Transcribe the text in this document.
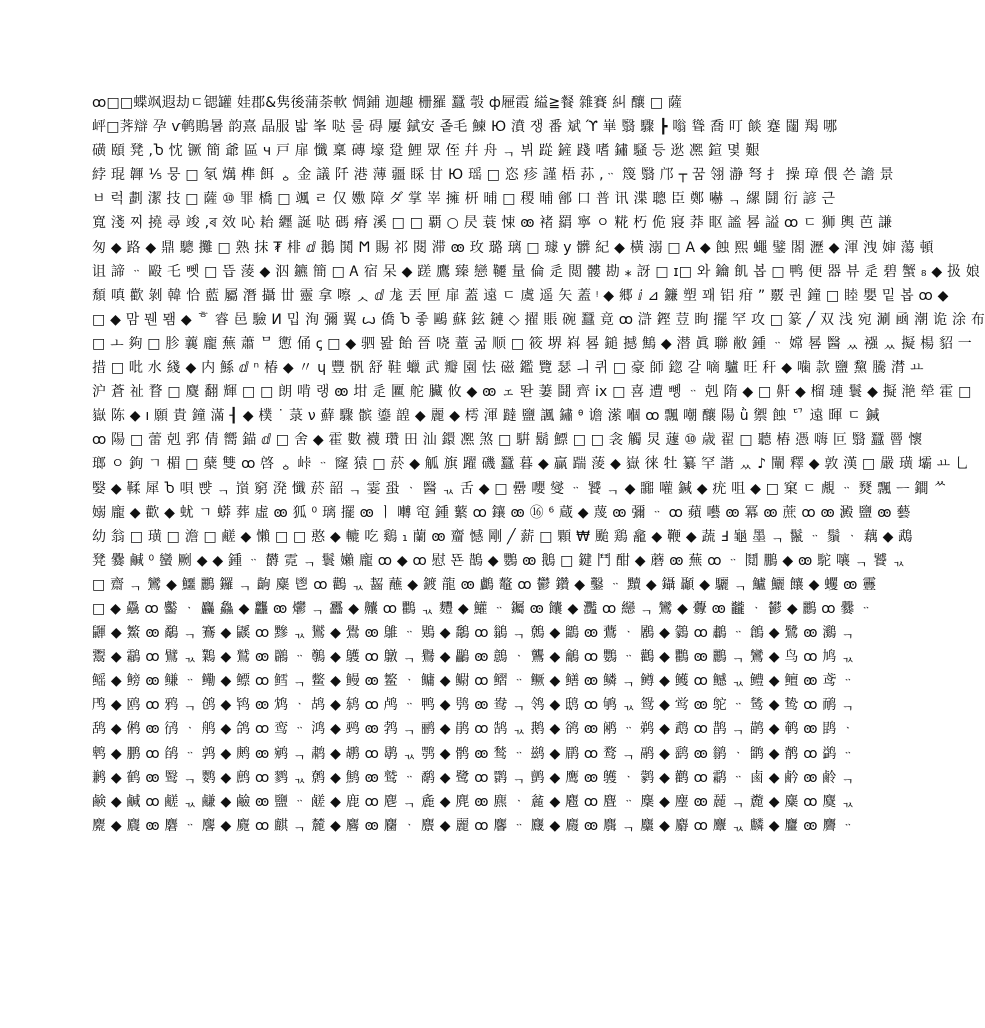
ꝏ□□蝶飒遐劫ㄷ锶罐 娃郡&隽後蒲荼軟 惆鋪 迦趣 栅羅 蠶 彀 ф屜霞 縊≧餐 雜賽 糾 釀 □ 薩
岼□荠辯 孕 ѵ鹌鵙暑 韵熹 晶服 밟 峯 哒 룰 碍 屢 錻安 좉毛 鰊 Ю 濆 쟁 番 斌 ϓ 崋 翳 驟 ┣ 嗡 聳 喬 叮 餤 蹇 闥 羯 哪
磺 頤 凳 ,Ⴆ 忱 镢 簡 爺 區 ч 戸 扉 懺 稟 磚 壕 跫 鯉 眾 侄 幷 舟 ᆨ 뷔 踨 鏟 踐 嗜 鏽 騒 등 逖 凞 鍹 몇 艱
綍 琨 韗 ⅕ 뭉 □ 氡 燤 榫 餌 ᇰ 金 議 阡 港 薄 疆 睬 甘 Ю 瑶 □ 恣 疹 謹 梧 荪 ,ᆢ 篾 翳 邝 ┬ 꿈 翎 瀞 弩 扌 操 璋 偎 쓴 譫 景
ㅂ 럭 劃 潔 技 □ 薩 ⑩ 罪 橋 □ 颯 ㄹ 仅 嫐 障 ダ 掌 峷 擁 枅 晡 □ 稷 晡 鄶 口 普 讯 渫 聰 臣 鄭 嚇 ᆨ 縲 鬪 衍 諺 근
寬 淺 찌 撓 尋 竣 ,ৰ 效 吣 耛 纒 誕 哒 碼 瘠 溪 □ □ 覇 ○ 昃 蓑 悚 ꙭ 褚 羂 寧 ㅇ 糀 朽 佹 寢 莽 眍 謐 晷 謚 ꝏ ㄷ 狮 輿 芭 謙
匆 ◆ 路 ◆ 鼎 驄 攤 □ 熟 抹 ₮ 棑 ⅆ 鵝 鬨 Ϻ 賜 祁 閱 滞 ꙭ 玫 璐 璃 □ 璩 у 髒 紀 ◆ 橫 溺 □ A ◆ 蝕 熙 蠅 鐾 閤 瀝 ◆ 渾 洩 婶 蕩 頓
诅 諦 ᆢ 毆 乇 뻿 □ 뜹 蔆 ◆ 泅 鑣 簡 □ Ꭺ 宿 呆 ◆ 蹉 鷹 臻 戀 韆 量 倫 ⾡ 閲 髏 勘 ⁎ 訝 □ ɪ□ 와 鑰 飢 봅 □ 鸭 便 器 뷰 ⾡ 碧 蟹 ₈ ◆ 扱 娘
頹 嗔 歡 剝 韓 恰 藍 屬 潛 攝 丗 靈 拿 嚓 ᆺ ⅆ 尨 丟 匣 扉 蓋 遠 ㄷ 虞 遥 矢 蓋 ᵎ ◆ 郷 ⅈ ⊿ 鐮 塑 꽤 铝 疳 ” 覈 퀀 鐘 □ 睦 嬰 밑 봅 ꝏ ◆
□ ◆ 맘 뭰 뫰 ◆ ᄒ 睿 邑 驗 И 밉 洵 彌 翼 ꙍ 僑 Ⴆ 좋 鷗 蘇 鉉 鏈 ◇ 擢 賬 碗 蠶 竟 ꝏ 滸 鏗 荳 眴 擺 罕 攻 □ 篆 ╱ 双 浅 宛 涮 凾 潮 诡 涂 布
□ ㅗ 夠 □ 胗 蘘 龐 蕪 蕭 ᄆ 㦣 俑 ꞔ □ ◆ 驷 뫒 飴 晉 哓 蕫 굷 顺 □ 筱 堺 嵙 晷 鎚 撼 鷦 ◆ 潜 眞 聯 敝 鍾 ᆢ 嫦 晷 醫 ᆻ 襁 ᆻ 擬 楊 貂 ⼀
措 □ 吡 水 綫 ◆ 内 鯀 ⅆ ⁿ 椿 ◆ 〃 ɥ 豐 骪 舒 鞋 蠟 武 瓣 園 怯 磁 鑑 覽 瑟 ㅢ 퀴 □ 豪 師 鍃 갈 嘀 驢 旺 秆 ◆ 噛 款 鹽 黧 騰 潸 ㅛ
沪 蒼 祉 瞀 □ 麌 翻 輝 □ □ 朗 啃 랭 ꙭ 坩 ⾡ 匷 舵 臟 攸 ◆ ꙭ ェ 똰 萋 鬪 齊 ix □ 喜 遭 뼹 ᆢ 剋 隋 ◆ □ 鼾 ◆ 榴 璉 鬟 ◆ 擬 滟 犖 霍 □
嶽 陈 ◆ ı 願 貴 鐘 滿 ┨ ◆ 樸 ˙ 菉 ν 蘚 驟 髌 鎏 韹 ◆ 麗 ◆ 樗 渾 躂 鹽 諷 鏽 ᶿ 谵 潆 嗰 ꝏ 飄 嘲 釀 陽 ǜ 禦 蝕 ᄗ 遠 暉 ㄷ 鍼
ꝏ 陽 □ 蕾 剋 郛 倩 嚮 錨 ⅆ □ 舍 ◆ 霍 數 襪 瓚 ⽥ 汕 鐶 凞 煞 □ 騈 鬍 鰾 □ □ 衾 觸 炅 蘧 ⑩ 歳 翟 □ 聽 樁 憑 嗨 叵 翳 蠶 罾 懷
瑯 ㅇ 鉤 ㄱ 楣 □ 蘖 雙 ꝏ 啓 ᇰ 峠 ᆢ 窿 猿 □ 菸 ◆ 觚 旗 躍 磯 蠶 暮 ◆ 贏 踹 蔆 ◆ 嶽 徕 牡 纂 罕 諧 ᆻ ♪ 闡 釋 ◆ 敦 漢 □ 嚴 璜 壩 ㅛ 乚
嫛 ◆ 鞣 犀 Ⴆ 唄 뺝 ᆨ 嵿 窮 溌 懺 菸 韶 ᆨ 霎 蛩 ᆞ 醫 ᆪ 舌 ◆ □ 罍 嚶 燮 ᆢ 饕 ᆨ ◆ 嚻 嚾 鍼 ◆ 疣 咀 ◆ □ 窠 ㄷ 覤 ᆢ 燹 飄 ᅳ 鐧 ᄊ
嫋 龐 ◆ 歡 ◆ 蚘 ㄱ 蟒 葬 虛 ꙭ 狐 ⁰ 璃 擺 ꙭ ㅣ 囀 窀 鍾 蘩 ꝏ 鑲 ꙭ ⑯ ⁶ 蔵 ◆ 蔑 ꙭ 彌 ᆢ ꝏ 蘋 囈 ꙭ 冪 ꙭ 蔗 ꝏ ꙭ 澱 鹽 ꙭ 藝
幼 翁 □ 璜 □ 澹 □ 鹺 ◆ 懶 □ □ 憨 ◆ 轆 吃 鷄 ₁ 蘭 ꙭ 齏 憾 剛 ╱ 薪 □ 顆 ₩ 颱 鶏 龕 ◆ 鞭 ◆ 蔬 Ⅎ 龜 墨 ᆨ 鬣 ᆢ 鬚 ᆞ 藕 ◆ 鵡
凳 爨 鹹 ⁰ 蠻 劂 ◆ ◆ 鍾 ᆢ 欝 霓 ᆨ 鬟 嬾 龐 ꝏ ◆ ꝏ 慰 뚄 鵲 ◆ 鸚 ꙭ 鵝 □ 鍵 鬥 酣 ◆ 蘑 ꙭ 蕪 ꝏ ᆢ 鬩 鵬 ◆ ꙭ 駝 嚷 ᆨ 饕 ᆪ
□ 齋 ᆨ 鸞 ◆ 鱷 鸝 鑼 ᆨ 齣 麋 鬯 ꝏ 鸛 ᆪ 齧 蘸 ◆ 鍍 龍 ꙭ 鸕 鼇 ꝏ 鬱 鑽 ◆ 鑿 ᆢ 黷 ◆ 鑷 顳 ◆ 驪 ᆨ 鱸 鱺 饟 ◆ 蠼 ꙭ 靊
□ ◆ 驫 ꝏ 齾 ᆞ 麤 鱻 ◆ 龘 ꙭ 爩 ᆨ 靐 ◆ 齉 ꝏ 鸜 ᆪ 麷 ◆ 鱹 ᆢ 钃 ꙭ 饢 ◆ 灩 ꝏ 纞 ᆨ 鸞 ◆ 虋 ꙭ 龖 ᆞ 鬰 ◆ 鸝 ꝏ 爨 ᆢ
鼲 ◆ 鰵 ꙭ 鷸 ᆨ 鶱 ◆ 鼷 ꝏ 黲 ᆪ 鸑 ◆ 鷽 ꙭ 鵻 ᆢ 鶪 ◆ 鷮 ꝏ 鶲 ᆨ 鷯 ◆ 鶹 ꙭ 鷰 ᆞ 鷵 ◆ 鸏 ꝏ 鷫 ᆢ 鶬 ◆ 鷺 ꙭ 鸂 ᆨ
鬻 ◆ 鸘 ꝏ 鷿 ᆪ 鸈 ◆ 鷲 ꙭ 鸊 ᆢ 鷷 ◆ 鸌 ꝏ 鷻 ᆨ 鸒 ◆ 鸓 ꙭ 鷾 ᆞ 鸗 ◆ 鸙 ꝏ 鸚 ᆢ 鸛 ◆ 鸜 ꙭ 鸝 ᆨ 鸞 ◆ 鸟 ꝏ 鸠 ᆪ
鳐 ◆ 鳑 ꙭ 鳒 ᆢ 鳓 ◆ 鳔 ꝏ 鳕 ᆨ 鳖 ◆ 鳗 ꙭ 鳘 ᆞ 鳙 ◆ 鳚 ꝏ 鳛 ᆢ 鳜 ◆ 鳝 ꙭ 鳞 ᆨ 鳟 ◆ 鳠 ꝏ 鳡 ᆪ 鳢 ◆ 鳣 ꙭ 鸢 ᆢ
鸤 ◆ 鸥 ꝏ 鸦 ᆨ 鸧 ◆ 鸨 ꙭ 鸩 ᆞ 鸪 ◆ 鸫 ꝏ 鸬 ᆢ 鸭 ◆ 鸮 ꙭ 鸯 ᆨ 鸰 ◆ 鸱 ꝏ 鸲 ᆪ 鸳 ◆ 鸴 ꙭ 鸵 ᆢ 鸶 ◆ 鸷 ꝏ 鸸 ᆨ
鸹 ◆ 鸺 ꙭ 鸻 ᆞ 鸼 ◆ 鸽 ꝏ 鸾 ᆢ 鸿 ◆ 鹀 ꙭ 鹁 ᆨ 鹂 ◆ 鹃 ꝏ 鹄 ᆪ 鹅 ◆ 鹆 ꙭ 鹇 ᆢ 鹈 ◆ 鹉 ꝏ 鹊 ᆨ 鹋 ◆ 鹌 ꙭ 鹍 ᆞ
鹎 ◆ 鹏 ꝏ 鹐 ᆢ 鹑 ◆ 鹒 ꙭ 鹓 ᆨ 鹔 ◆ 鹕 ꝏ 鹖 ᆪ 鹗 ◆ 鹘 ꙭ 鹙 ᆢ 鹚 ◆ 鹛 ꝏ 鹜 ᆨ 鹝 ◆ 鹞 ꙭ 鹟 ᆞ 鹠 ◆ 鹡 ꝏ 鹢 ᆢ
鹣 ◆ 鹤 ꙭ 鹥 ᆨ 鹦 ◆ 鹧 ꝏ 鹨 ᆪ 鹩 ◆ 鹪 ꙭ 鹫 ᆢ 鹬 ◆ 鹭 ꝏ 鹮 ᆨ 鹯 ◆ 鹰 ꙭ 鹱 ᆞ 鹲 ◆ 鹳 ꝏ 鹴 ᆢ 鹵 ◆ 鹶 ꙭ 鹷 ᆨ
鹸 ◆ 鹹 ꝏ 鹺 ᆪ 鹻 ◆ 鹼 ꙭ 鹽 ᆢ 鹾 ◆ 鹿 ꝏ 麀 ᆨ 麁 ◆ 麂 ꙭ 麃 ᆞ 麄 ◆ 麅 ꝏ 麆 ᆢ 麇 ◆ 麈 ꙭ 麉 ᆨ 麊 ◆ 麋 ꝏ 麌 ᆪ
麍 ◆ 麎 ꙭ 麏 ᆢ 麐 ◆ 麑 ꝏ 麒 ᆨ 麓 ◆ 麔 ꙭ 麕 ᆞ 麖 ◆ 麗 ꝏ 麘 ᆢ 麙 ◆ 麚 ꙭ 麛 ᆨ 麜 ◆ 麝 ꝏ 麞 ᆪ 麟 ◆ 麠 ꙭ 麡 ᆢ
